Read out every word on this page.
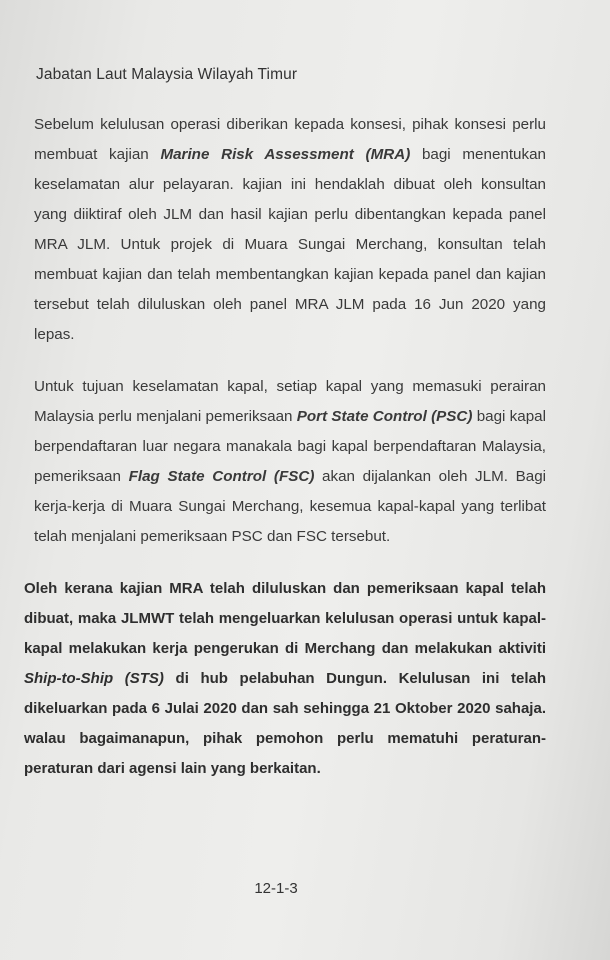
Jabatan Laut Malaysia Wilayah Timur

Sebelum kelulusan operasi diberikan kepada konsesi, pihak konsesi perlu membuat kajian Marine Risk Assessment (MRA) bagi menentukan keselamatan alur pelayaran. kajian ini hendaklah dibuat oleh konsultan yang diiktiraf oleh JLM dan hasil kajian perlu dibentangkan kepada panel MRA JLM. Untuk projek di Muara Sungai Merchang, konsultan telah membuat kajian dan telah membentangkan kajian kepada panel dan kajian tersebut telah diluluskan oleh panel MRA JLM pada 16 Jun 2020 yang lepas.

Untuk tujuan keselamatan kapal, setiap kapal yang memasuki perairan Malaysia perlu menjalani pemeriksaan Port State Control (PSC) bagi kapal berpendaftaran luar negara manakala bagi kapal berpendaftaran Malaysia, pemeriksaan Flag State Control (FSC) akan dijalankan oleh JLM. Bagi kerja-kerja di Muara Sungai Merchang, kesemua kapal-kapal yang terlibat telah menjalani pemeriksaan PSC dan FSC tersebut.

Oleh kerana kajian MRA telah diluluskan dan pemeriksaan kapal telah dibuat, maka JLMWT telah mengeluarkan kelulusan operasi untuk kapal-kapal melakukan kerja pengerukan di Merchang dan melakukan aktiviti Ship-to-Ship (STS) di hub pelabuhan Dungun. Kelulusan ini telah dikeluarkan pada 6 Julai 2020 dan sah sehingga 21 Oktober 2020 sahaja. walau bagaimanapun, pihak pemohon perlu mematuhi peraturan-peraturan dari agensi lain yang berkaitan.

12-1-3
